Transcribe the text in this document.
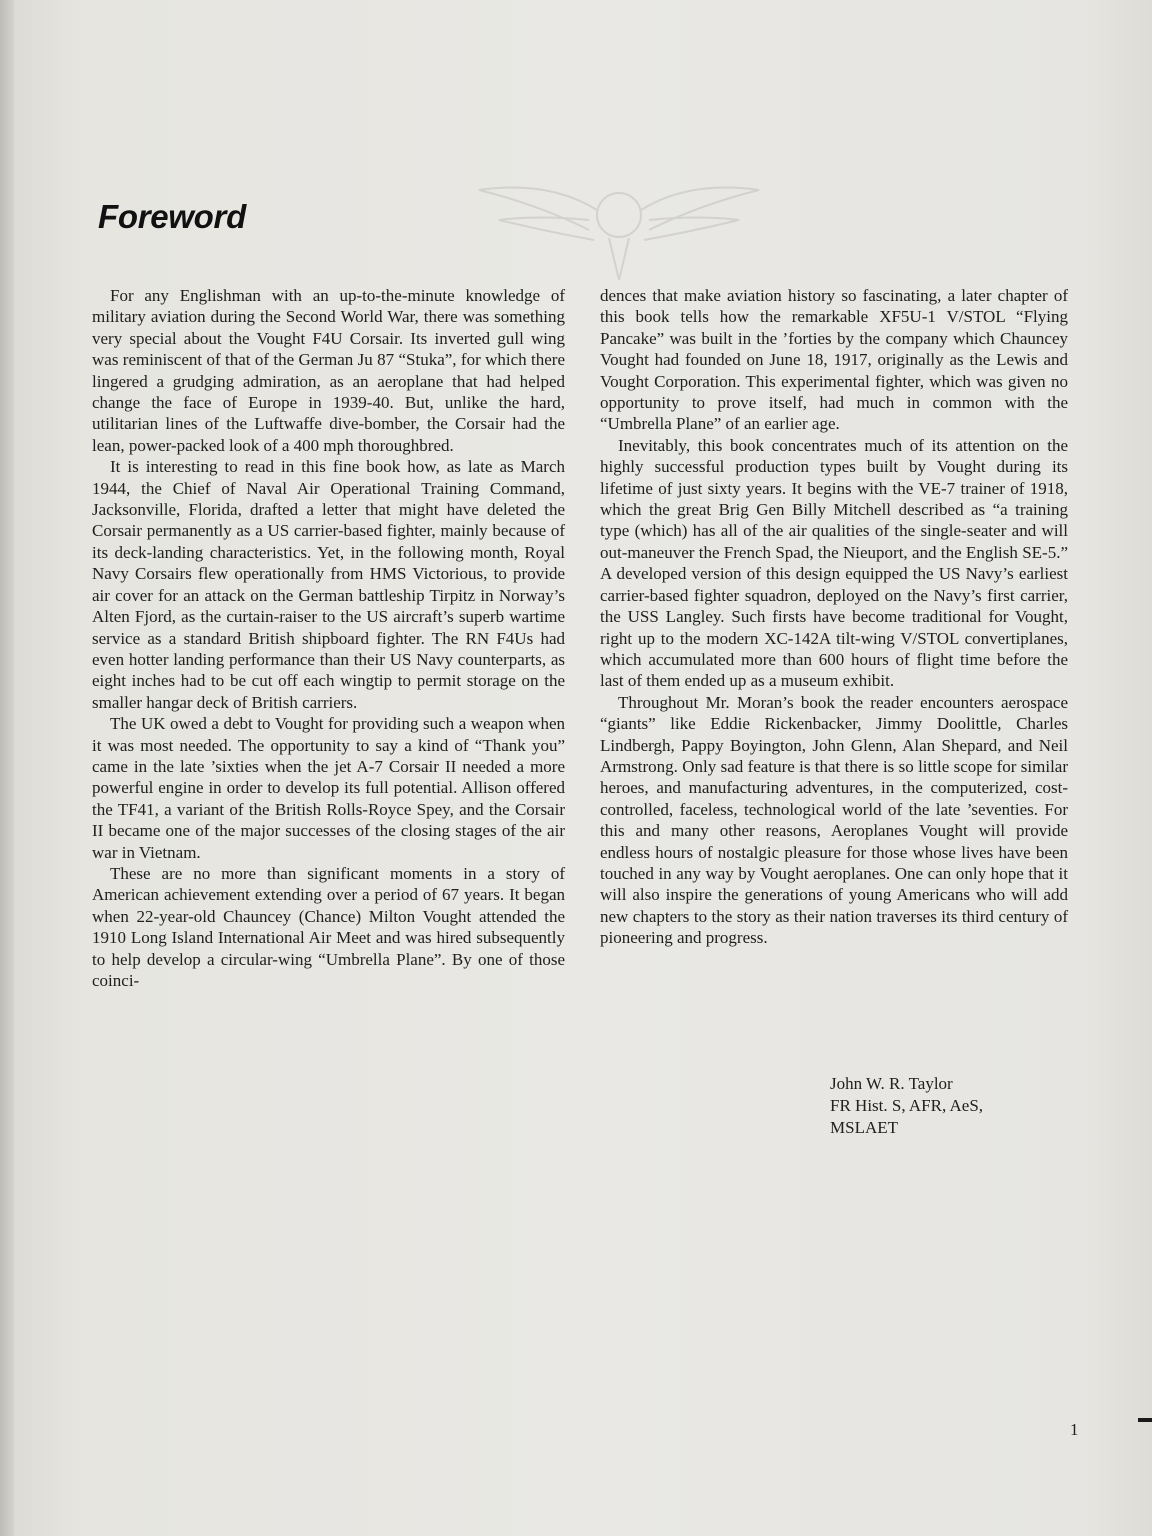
Foreword

For any Englishman with an up-to-the-minute knowledge of military aviation during the Second World War, there was something very special about the Vought F4U Corsair. Its inverted gull wing was reminiscent of that of the German Ju 87 “Stuka”, for which there lingered a grudging admiration, as an aeroplane that had helped change the face of Europe in 1939-40. But, unlike the hard, utilitarian lines of the Luftwaffe dive-bomber, the Corsair had the lean, power-packed look of a 400 mph thoroughbred.

It is interesting to read in this fine book how, as late as March 1944, the Chief of Naval Air Operational Training Command, Jacksonville, Florida, drafted a letter that might have deleted the Corsair permanently as a US carrier-based fighter, mainly because of its deck-landing characteristics. Yet, in the following month, Royal Navy Corsairs flew operationally from HMS Victorious, to provide air cover for an attack on the German battleship Tirpitz in Norway’s Alten Fjord, as the curtain-raiser to the US aircraft’s superb wartime service as a standard British shipboard fighter. The RN F4Us had even hotter landing performance than their US Navy counterparts, as eight inches had to be cut off each wingtip to permit storage on the smaller hangar deck of British carriers.

The UK owed a debt to Vought for providing such a weapon when it was most needed. The opportunity to say a kind of “Thank you” came in the late ’sixties when the jet A-7 Corsair II needed a more powerful engine in order to develop its full potential. Allison offered the TF41, a variant of the British Rolls-Royce Spey, and the Corsair II became one of the major successes of the closing stages of the air war in Vietnam.

These are no more than significant moments in a story of American achievement extending over a period of 67 years. It began when 22-year-old Chauncey (Chance) Milton Vought attended the 1910 Long Island International Air Meet and was hired subsequently to help develop a circular-wing “Umbrella Plane”. By one of those coinci-

dences that make aviation history so fascinating, a later chapter of this book tells how the remarkable XF5U-1 V/STOL “Flying Pancake” was built in the ’forties by the company which Chauncey Vought had founded on June 18, 1917, originally as the Lewis and Vought Corporation. This experimental fighter, which was given no opportunity to prove itself, had much in common with the “Umbrella Plane” of an earlier age.

Inevitably, this book concentrates much of its attention on the highly successful production types built by Vought during its lifetime of just sixty years. It begins with the VE-7 trainer of 1918, which the great Brig Gen Billy Mitchell described as “a training type (which) has all of the air qualities of the single-seater and will out-maneuver the French Spad, the Nieuport, and the English SE-5.” A developed version of this design equipped the US Navy’s earliest carrier-based fighter squadron, deployed on the Navy’s first carrier, the USS Langley. Such firsts have become traditional for Vought, right up to the modern XC-142A tilt-wing V/STOL convertiplanes, which accumulated more than 600 hours of flight time before the last of them ended up as a museum exhibit.

Throughout Mr. Moran’s book the reader encounters aerospace “giants” like Eddie Rickenbacker, Jimmy Doolittle, Charles Lindbergh, Pappy Boyington, John Glenn, Alan Shepard, and Neil Armstrong. Only sad feature is that there is so little scope for similar heroes, and manufacturing adventures, in the computerized, cost-controlled, faceless, technological world of the late ’seventies. For this and many other reasons, Aeroplanes Vought will provide endless hours of nostalgic pleasure for those whose lives have been touched in any way by Vought aeroplanes. One can only hope that it will also inspire the generations of young Americans who will add new chapters to the story as their nation traverses its third century of pioneering and progress.

John W. R. Taylor
FR Hist. S, AFR, AeS,
MSLAET
1
